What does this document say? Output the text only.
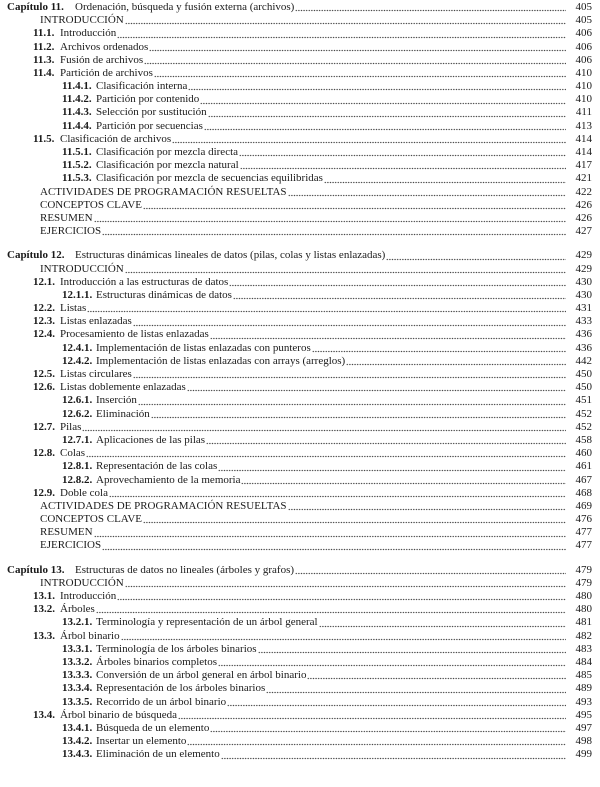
Capítulo 11.	Ordenación, búsqueda y fusión externa (archivos)	405
INTRODUCCIÓN	405
11.1. Introducción	406
11.2. Archivos ordenados	406
11.3. Fusión de archivos	406
11.4. Partición de archivos	410
11.4.1. Clasificación interna	410
11.4.2. Partición por contenido	410
11.4.3. Selección por sustitución	411
11.4.4. Partición por secuencias	413
11.5. Clasificación de archivos	414
11.5.1. Clasificación por mezcla directa	414
11.5.2. Clasificación por mezcla natural	417
11.5.3. Clasificación por mezcla de secuencias equilibridas	421
ACTIVIDADES DE PROGRAMACIÓN RESUELTAS	422
CONCEPTOS CLAVE	426
RESUMEN	426
EJERCICIOS	427
Capítulo 12. Estructuras dinámicas lineales de datos (pilas, colas y listas enlazadas)	429
INTRODUCCIÓN	429
12.1. Introducción a las estructuras de datos	430
12.1.1. Estructuras dinámicas de datos	430
12.2. Listas	431
12.3. Listas enlazadas	433
12.4. Procesamiento de listas enlazadas	436
12.4.1. Implementación de listas enlazadas con punteros	436
12.4.2. Implementación de listas enlazadas con arrays (arreglos)	442
12.5. Listas circulares	450
12.6. Listas doblemente enlazadas	450
12.6.1. Inserción	451
12.6.2. Eliminación	452
12.7. Pilas	452
12.7.1. Aplicaciones de las pilas	458
12.8. Colas	460
12.8.1. Representación de las colas	461
12.8.2. Aprovechamiento de la memoria	467
12.9. Doble cola	468
ACTIVIDADES DE PROGRAMACIÓN RESUELTAS	469
CONCEPTOS CLAVE	476
RESUMEN	477
EJERCICIOS	477
Capítulo 13. Estructuras de datos no lineales (árboles y grafos)	479
INTRODUCCIÓN	479
13.1. Introducción	480
13.2. Árboles	480
13.2.1. Terminología y representación de un árbol general	481
13.3. Árbol binario	482
13.3.1. Terminología de los árboles binarios	483
13.3.2. Árboles binarios completos	484
13.3.3. Conversión de un árbol general en árbol binario	485
13.3.4. Representación de los árboles binarios	489
13.3.5. Recorrido de un árbol binario	493
13.4. Árbol binario de búsqueda	495
13.4.1. Búsqueda de un elemento	497
13.4.2. Insertar un elemento	498
13.4.3. Eliminación de un elemento	499
